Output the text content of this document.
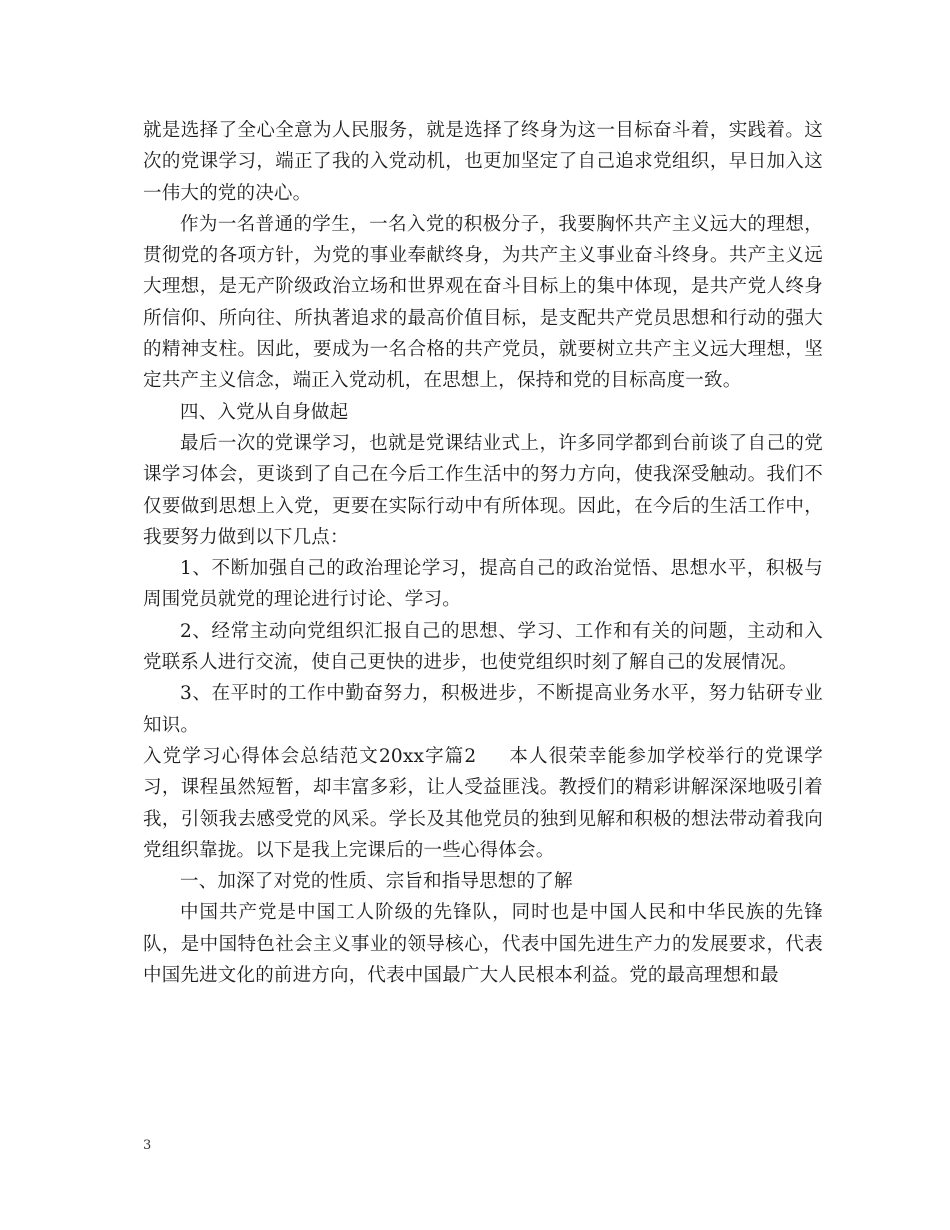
就是选择了全心全意为人民服务，就是选择了终身为这一目标奋斗着，实践着。这次的党课学习，端正了我的入党动机，也更加坚定了自己追求党组织，早日加入这一伟大的党的决心。

作为一名普通的学生，一名入党的积极分子，我要胸怀共产主义远大的理想，贯彻党的各项方针，为党的事业奉献终身，为共产主义事业奋斗终身。共产主义远大理想，是无产阶级政治立场和世界观在奋斗目标上的集中体现，是共产党人终身所信仰、所向往、所执著追求的最高价值目标，是支配共产党员思想和行动的强大的精神支柱。因此，要成为一名合格的共产党员，就要树立共产主义远大理想，坚定共产主义信念，端正入党动机，在思想上，保持和党的目标高度一致。

四、入党从自身做起

最后一次的党课学习，也就是党课结业式上，许多同学都到台前谈了自己的党课学习体会，更谈到了自己在今后工作生活中的努力方向，使我深受触动。我们不仅要做到思想上入党，更要在实际行动中有所体现。因此，在今后的生活工作中，我要努力做到以下几点：

1、不断加强自己的政治理论学习，提高自己的政治觉悟、思想水平，积极与周围党员就党的理论进行讨论、学习。

2、经常主动向党组织汇报自己的思想、学习、工作和有关的问题，主动和入党联系人进行交流，使自己更快的进步，也使党组织时刻了解自己的发展情况。

3、在平时的工作中勤奋努力，积极进步，不断提高业务水平，努力钻研专业知识。

入党学习心得体会总结范文20xx字篇2 本人很荣幸能参加学校举行的党课学习，课程虽然短暂，却丰富多彩，让人受益匪浅。教授们的精彩讲解深深地吸引着我，引领我去感受党的风采。学长及其他党员的独到见解和积极的想法带动着我向党组织靠拢。以下是我上完课后的一些心得体会。

一、加深了对党的性质、宗旨和指导思想的了解

中国共产党是中国工人阶级的先锋队，同时也是中国人民和中华民族的先锋队，是中国特色社会主义事业的领导核心，代表中国先进生产力的发展要求，代表中国先进文化的前进方向，代表中国最广大人民根本利益。党的最高理想和最

3
